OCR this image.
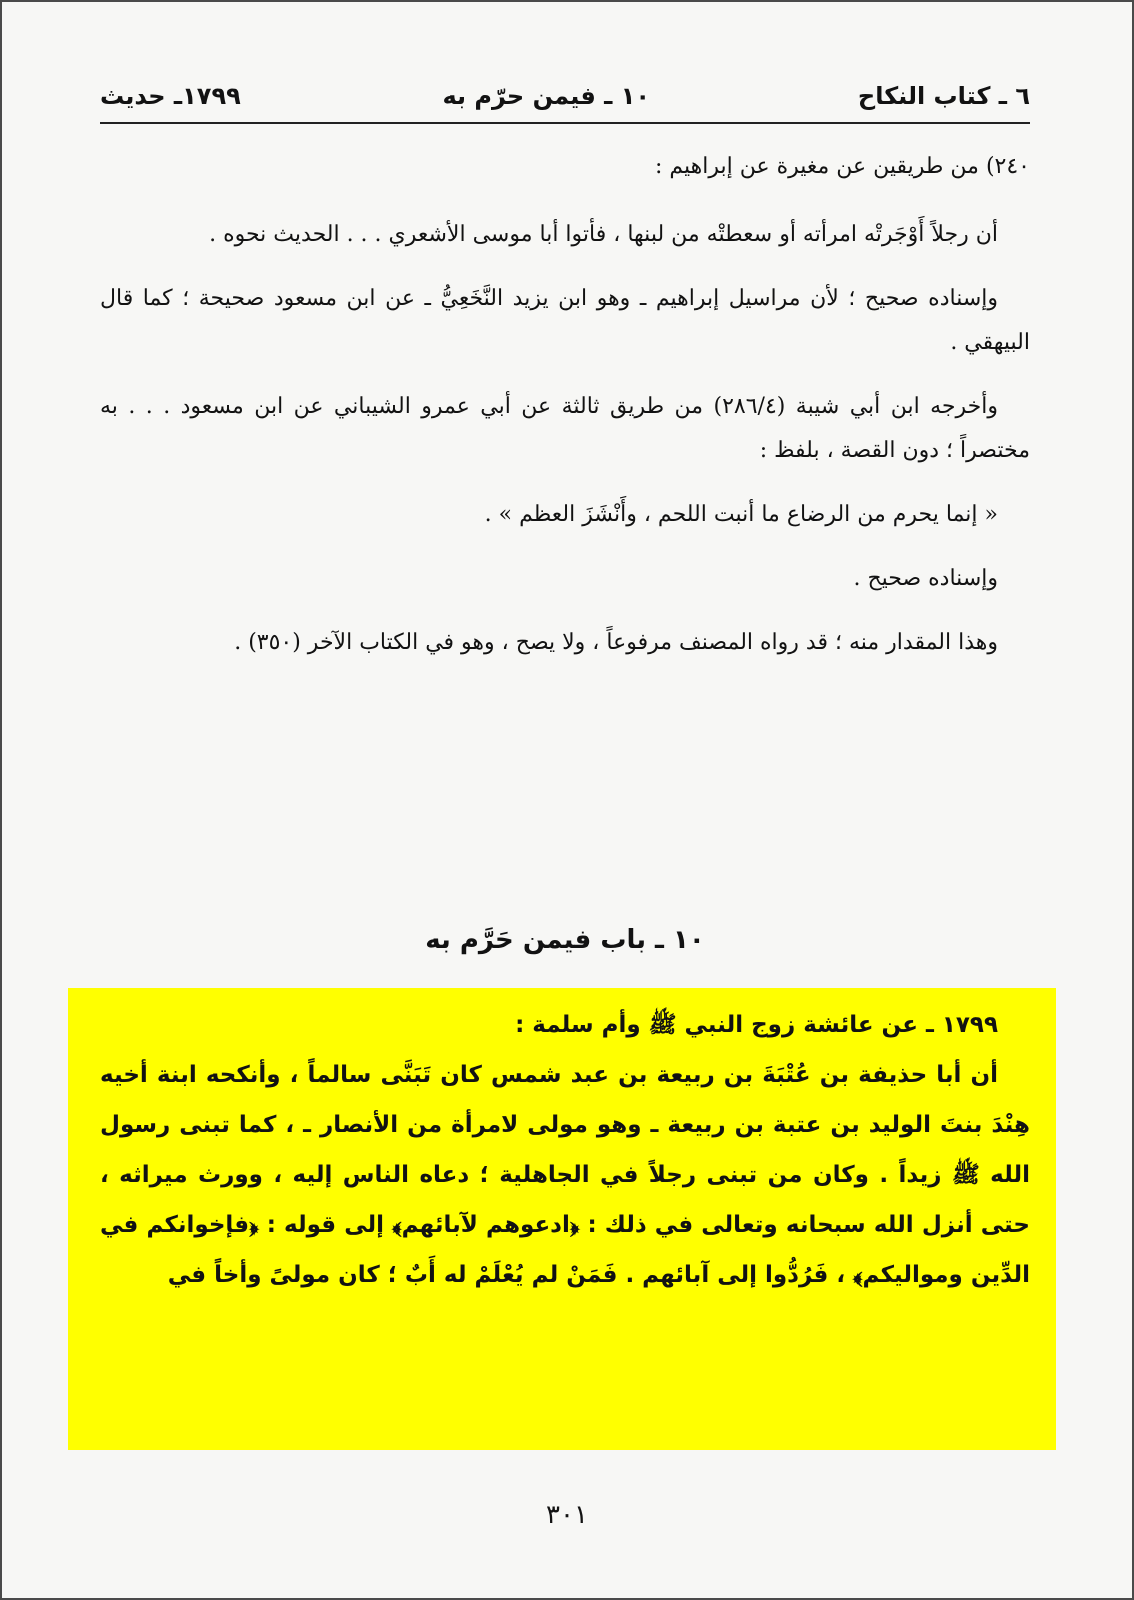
٦ ـ كتاب النكاح
١٠ ـ فيمن حرّم به
١٧٩٩ـ حديث

٢٤٠) من طريقين عن مغيرة عن إبراهيم :

أن رجلاً أَوْجَرتْه امرأته أو سعطتْه من لبنها ، فأتوا أبا موسى الأشعري . . . الحديث نحوه .

وإسناده صحيح ؛ لأن مراسيل إبراهيم ـ وهو ابن يزيد النَّخَعِيُّ ـ عن ابن مسعود صحيحة ؛ كما قال البيهقي .

وأخرجه ابن أبي شيبة (٢٨٦/٤) من طريق ثالثة عن أبي عمرو الشيباني عن ابن مسعود . . . به مختصراً ؛ دون القصة ، بلفظ :

« إنما يحرم من الرضاع ما أنبت اللحم ، وأَنْشَزَ العظم » .

وإسناده صحيح .

وهذا المقدار منه ؛ قد رواه المصنف مرفوعاً ، ولا يصح ، وهو في الكتاب الآخر (٣٥٠) .

١٠ ـ باب فيمن حَرَّم به

١٧٩٩ ـ عن عائشة زوج النبي ﷺ وأم سلمة :

أن أبا حذيفة بن عُتْبَةَ بن ربيعة بن عبد شمس كان تَبَنَّى سالماً ، وأنكحه ابنة أخيه هِنْدَ بنتَ الوليد بن عتبة بن ربيعة ـ وهو مولى لامرأة من الأنصار ـ ، كما تبنى رسول الله ﷺ زيداً . وكان من تبنى رجلاً في الجاهلية ؛ دعاه الناس إليه ، وورث ميراثه ، حتى أنزل الله سبحانه وتعالى في ذلك : ﴿ادعوهم لآبائهم﴾ إلى قوله : ﴿فإخوانكم في الدِّين ومواليكم﴾ ، فَرُدُّوا إلى آبائهم . فَمَنْ لم يُعْلَمْ له أَبٌ ؛ كان مولىً وأخاً في

٣٠١
